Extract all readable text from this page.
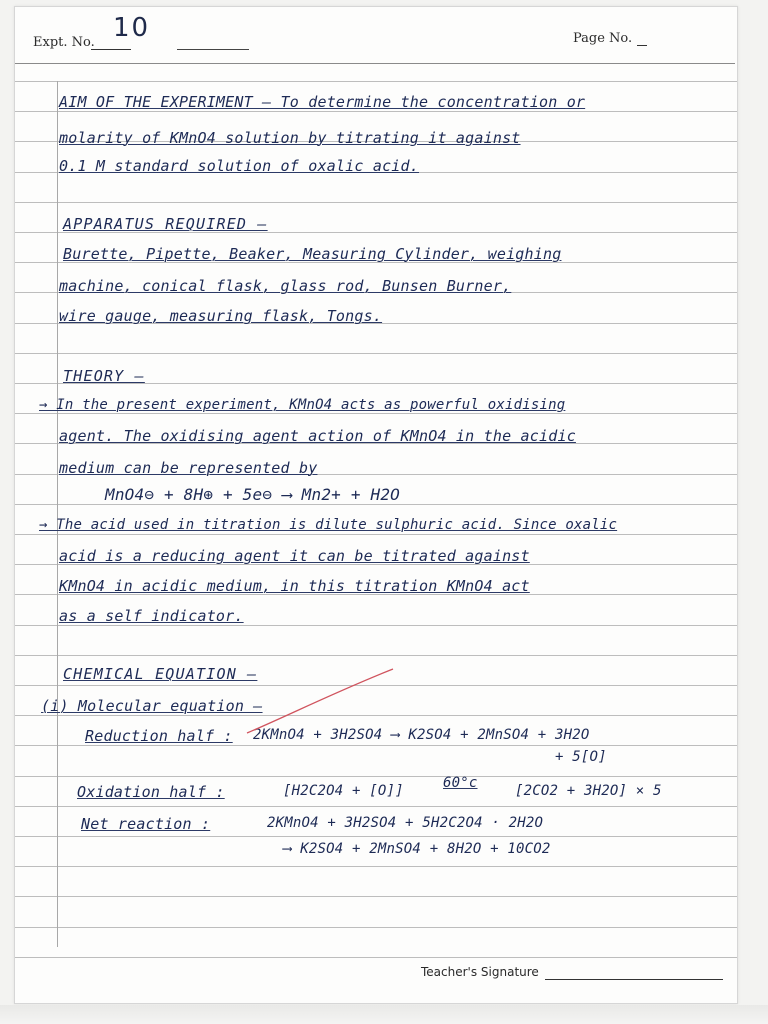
Expt. No. 10	Page No.
AIM OF THE EXPERIMENT — To determine the concentration or
molarity of KMnO4 solution by titrating it against
0.1 M standard solution of oxalic acid.
APPARATUS REQUIRED —
Burette, Pipette, Beaker, Measuring Cylinder, weighing
machine, conical flask, glass rod, Bunsen Burner,
wire gauge, measuring flask, Tongs.
THEORY —
→ In the present experiment, KMnO4 acts as powerful oxidising
agent. The oxidising agent action of KMnO4 in the acidic
medium can be represented by
MnO4⊖ + 8H⊕ + 5e⊖ ⟶ Mn2+ + H2O
→ The acid used in titration is dilute sulphuric acid. Since oxalic
acid is a reducing agent it can be titrated against
KMnO4 in acidic medium, in this titration KMnO4 act
as a self indicator.
CHEMICAL EQUATION —
(i) Molecular equation —
Reduction half : 2KMnO4 + 3H2SO4 ⟶ K2SO4 + 2MnSO4 + 3H2O
+ 5[O]
Oxidation half :	[H2C2O4 + [O]]	60°c	[2CO2 + 3H2O] × 5
Net reaction :	2KMnO4 + 3H2SO4 + 5H2C2O4 · 2H2O
⟶ K2SO4 + 2MnSO4 + 8H2O + 10CO2
Teacher's Signature
